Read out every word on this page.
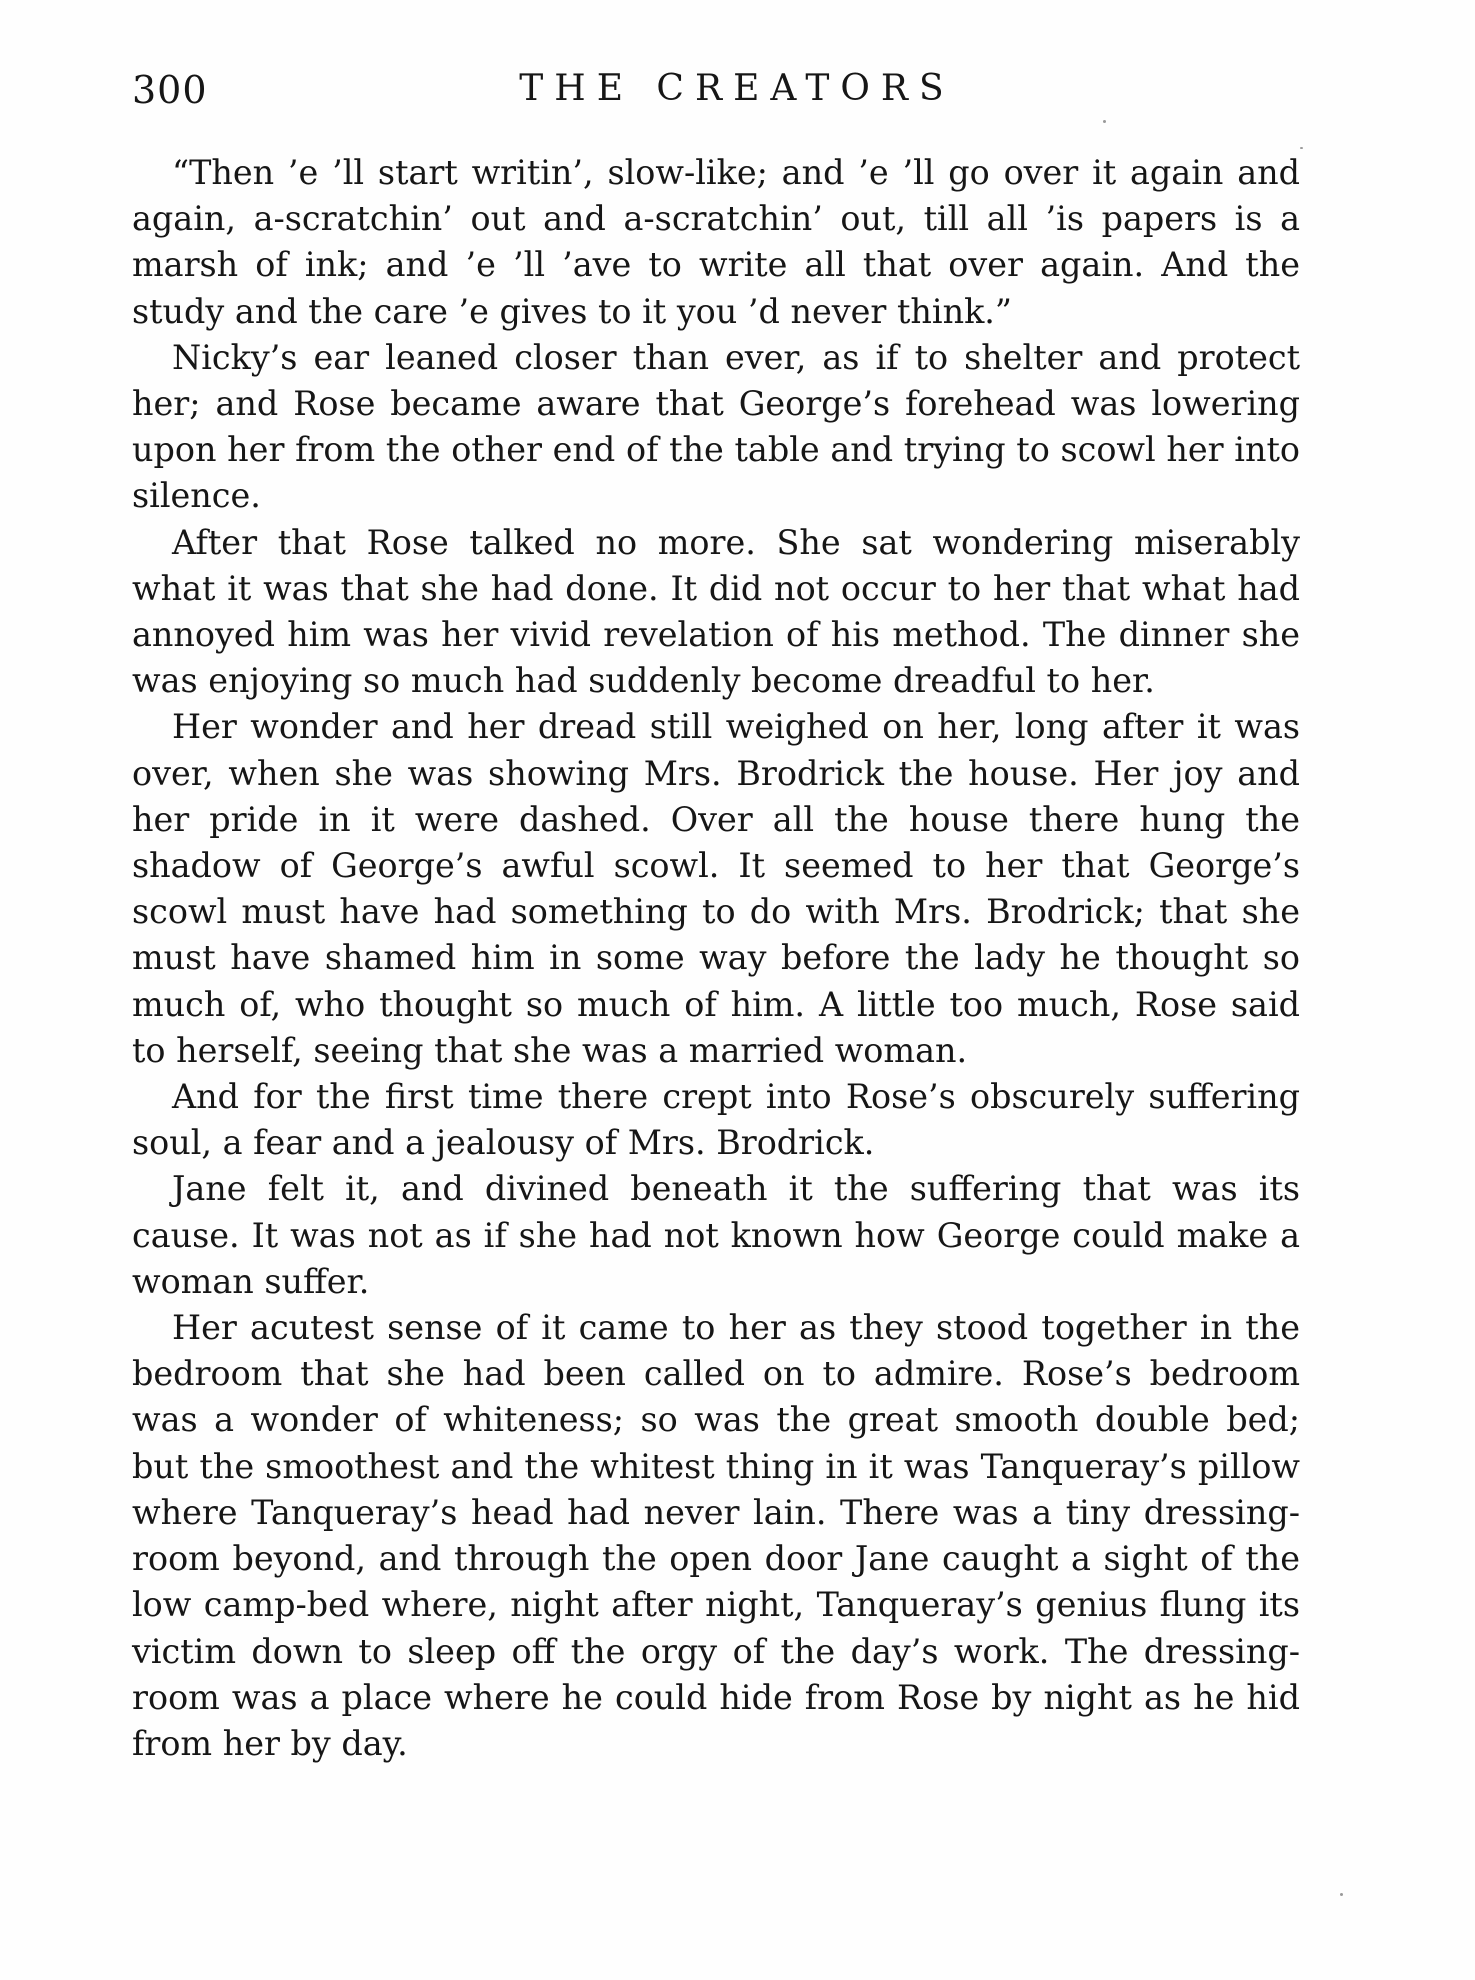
300	THE CREATORS

“Then ’e ’ll start writin’, slow-like; and ’e ’ll go over it again and again, a-scratchin’ out and a-scratchin’ out, till all ’is papers is a marsh of ink; and ’e ’ll ’ave to write all that over again. And the study and the care ’e gives to it you ’d never think.”

Nicky’s ear leaned closer than ever, as if to shelter and protect her; and Rose became aware that George’s forehead was lowering upon her from the other end of the table and trying to scowl her into silence.

After that Rose talked no more. She sat wondering miserably what it was that she had done. It did not occur to her that what had annoyed him was her vivid revelation of his method. The dinner she was enjoying so much had suddenly become dreadful to her.

Her wonder and her dread still weighed on her, long after it was over, when she was showing Mrs. Brodrick the house. Her joy and her pride in it were dashed. Over all the house there hung the shadow of George’s awful scowl. It seemed to her that George’s scowl must have had something to do with Mrs. Brodrick; that she must have shamed him in some way before the lady he thought so much of, who thought so much of him. A little too much, Rose said to herself, seeing that she was a married woman.

And for the first time there crept into Rose’s obscurely suffering soul, a fear and a jealousy of Mrs. Brodrick.

Jane felt it, and divined beneath it the suffering that was its cause. It was not as if she had not known how George could make a woman suffer.

Her acutest sense of it came to her as they stood together in the bedroom that she had been called on to admire. Rose’s bedroom was a wonder of whiteness; so was the great smooth double bed; but the smoothest and the whitest thing in it was Tanqueray’s pillow where Tanqueray’s head had never lain. There was a tiny dressing-room beyond, and through the open door Jane caught a sight of the low camp-bed where, night after night, Tanqueray’s genius flung its victim down to sleep off the orgy of the day’s work. The dressing-room was a place where he could hide from Rose by night as he hid from her by day.
